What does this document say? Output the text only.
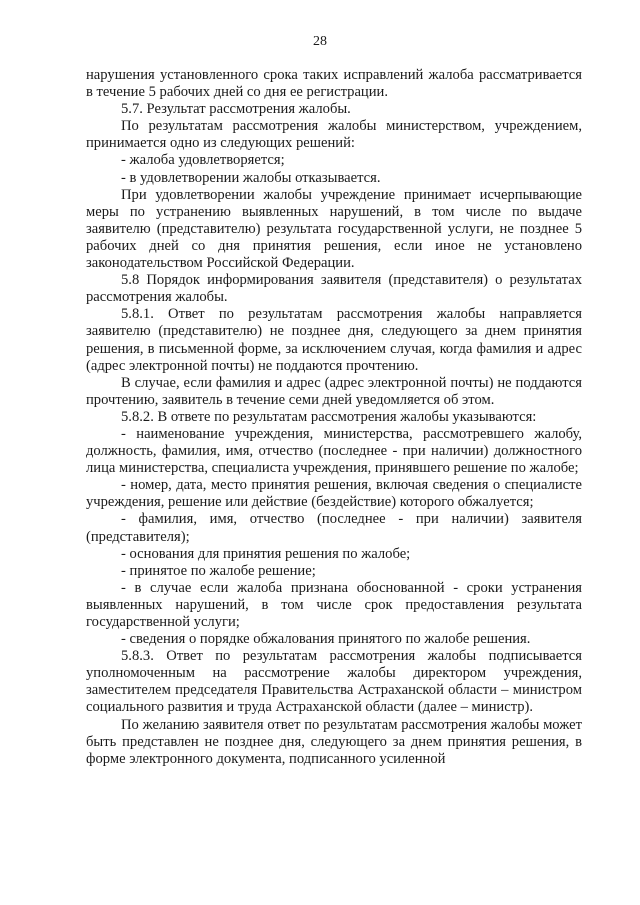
28

нарушения установленного срока таких исправлений жалоба рассматривается в течение 5 рабочих дней со дня ее регистрации.

5.7. Результат рассмотрения жалобы.

По результатам рассмотрения жалобы министерством, учреждением, принимается одно из следующих решений:

- жалоба удовлетворяется;

- в удовлетворении жалобы отказывается.

При удовлетворении жалобы учреждение принимает исчерпывающие меры по устранению выявленных нарушений, в том числе по выдаче заявителю (представителю) результата государственной услуги, не позднее 5 рабочих дней со дня принятия решения, если иное не установлено законодательством Российской Федерации.

5.8 Порядок информирования заявителя (представителя) о результатах рассмотрения жалобы.

5.8.1. Ответ по результатам рассмотрения жалобы направляется заявителю (представителю) не позднее дня, следующего за днем принятия решения, в письменной форме, за исключением случая, когда фамилия и адрес (адрес электронной почты) не поддаются прочтению.

В случае, если фамилия и адрес (адрес электронной почты) не поддаются прочтению, заявитель в течение семи дней уведомляется об этом.

5.8.2. В ответе по результатам рассмотрения жалобы указываются:

- наименование учреждения, министерства, рассмотревшего жалобу, должность, фамилия, имя, отчество (последнее - при наличии) должностного лица министерства, специалиста учреждения, принявшего решение по жалобе;

- номер, дата, место принятия решения, включая сведения о специалисте учреждения, решение или действие (бездействие) которого обжалуется;

- фамилия, имя, отчество (последнее - при наличии) заявителя (представителя);

- основания для принятия решения по жалобе;

- принятое по жалобе решение;

- в случае если жалоба признана обоснованной - сроки устранения выявленных нарушений, в том числе срок предоставления результата государственной услуги;

- сведения о порядке обжалования принятого по жалобе решения.

5.8.3. Ответ по результатам рассмотрения жалобы подписывается уполномоченным на рассмотрение жалобы директором учреждения, заместителем председателя Правительства Астраханской области – министром социального развития и труда Астраханской области (далее – министр).

По желанию заявителя ответ по результатам рассмотрения жалобы может быть представлен не позднее дня, следующего за днем принятия решения, в форме электронного документа, подписанного усиленной
